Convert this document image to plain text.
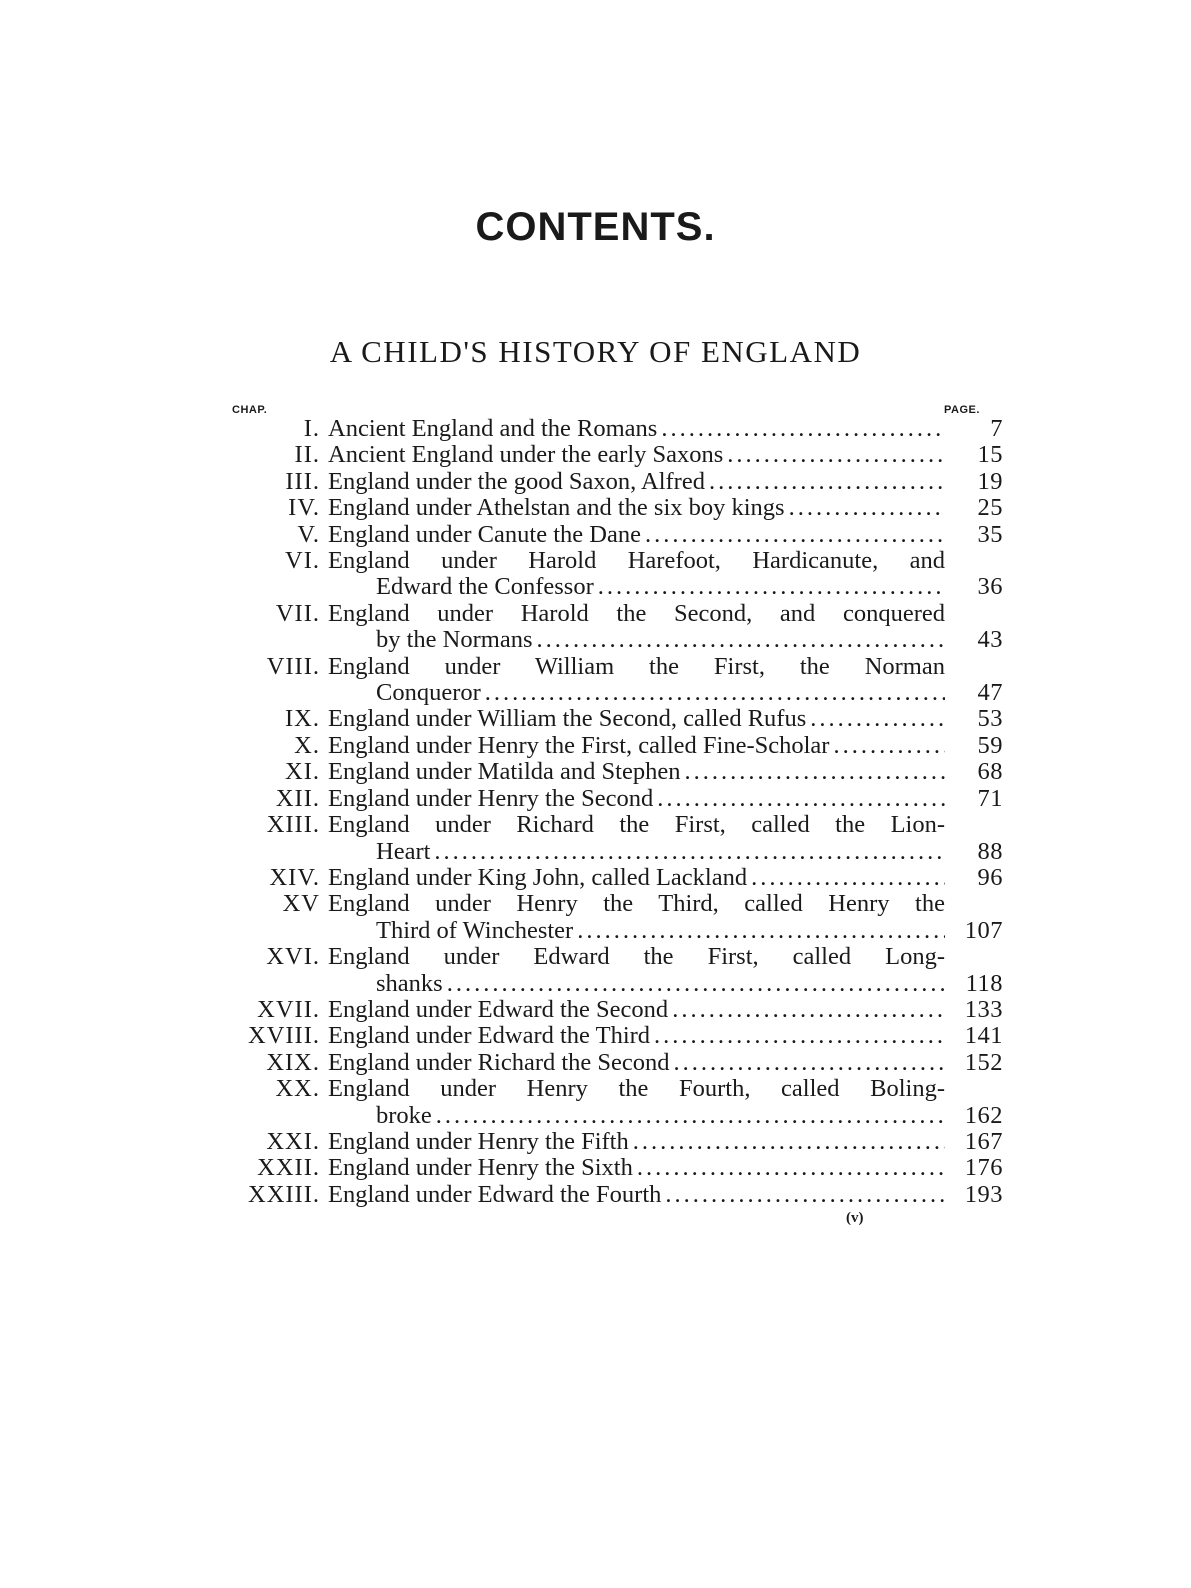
CONTENTS.
A CHILD'S HISTORY OF ENGLAND
CHAP.	PAGE.
I. Ancient England and the Romans .....	7
II. Ancient England under the early Saxons .....	15
III. England under the good Saxon, Alfred .....	19
IV. England under Athelstan and the six boy kings .....	25
V. England under Canute the Dane .....	35
VI. England under Harold Harefoot, Hardicanute, and
Edward the Confessor .....	36
VII. England under Harold the Second, and conquered
by the Normans .....	43
VIII. England under William the First, the Norman
Conqueror .....	47
IX. England under William the Second, called Rufus .....	53
X. England under Henry the First, called Fine-Scholar .....	59
XI. England under Matilda and Stephen .....	68
XII. England under Henry the Second .....	71
XIII. England under Richard the First, called the Lion-
Heart .....	88
XIV. England under King John, called Lackland .....	96
XV England under Henry the Third, called Henry the
Third of Winchester .....	107
XVI. England under Edward the First, called Long-
shanks .....	118
XVII. England under Edward the Second .....	133
XVIII. England under Edward the Third .....	141
XIX. England under Richard the Second .....	152
XX. England under Henry the Fourth, called Boling-
broke .....	162
XXI. England under Henry the Fifth .....	167
XXII. England under Henry the Sixth .....	176
XXIII. England under Edward the Fourth .....	193
(v)
